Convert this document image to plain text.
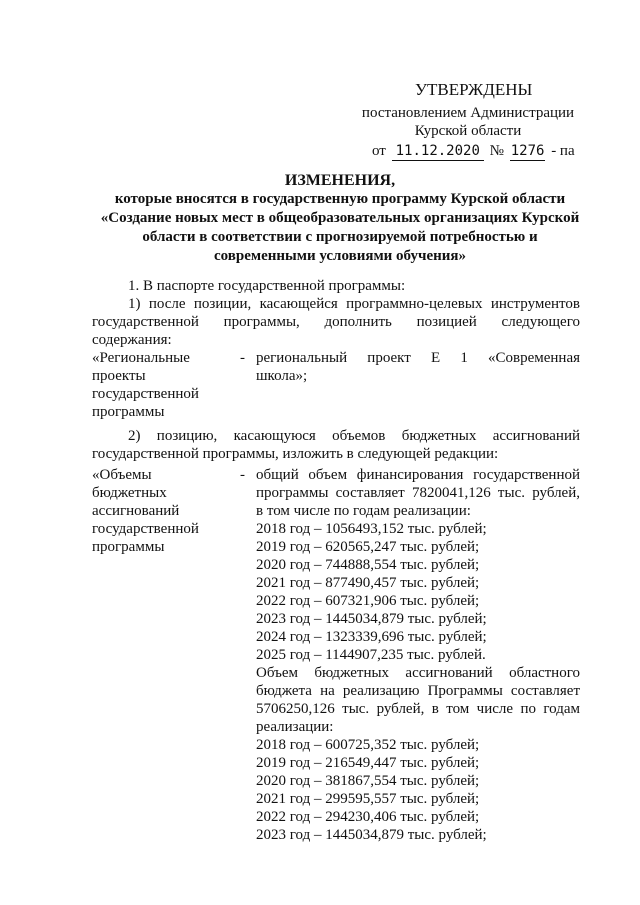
УТВЕРЖДЕНЫ
постановлением Администрации
Курской области
от 11.12.2020 № 1276 - па
ИЗМЕНЕНИЯ,
которые вносятся в государственную программу Курской области
«Создание новых мест в общеобразовательных организациях Курской
области в соответствии с прогнозируемой потребностью и
современными условиями обучения»
1. В паспорте государственной программы:
1) после позиции, касающейся программно-целевых инструментов
государственной программы, дополнить позицией следующего
содержания:
«Региональные
проекты
государственной
программы
- региональный проект Е 1 «Современная
школа»;
2) позицию, касающуюся объемов бюджетных ассигнований
государственной программы, изложить в следующей редакции:
«Объемы
бюджетных
ассигнований
государственной
программы
- общий объем финансирования государственной
программы составляет 7820041,126 тыс. рублей,
в том числе по годам реализации:
2018 год – 1056493,152 тыс. рублей;
2019 год – 620565,247 тыс. рублей;
2020 год – 744888,554 тыс. рублей;
2021 год – 877490,457 тыс. рублей;
2022 год – 607321,906 тыс. рублей;
2023 год – 1445034,879 тыс. рублей;
2024 год – 1323339,696 тыс. рублей;
2025 год – 1144907,235 тыс. рублей.
Объем бюджетных ассигнований областного
бюджета на реализацию Программы составляет
5706250,126 тыс. рублей, в том числе по годам
реализации:
2018 год – 600725,352 тыс. рублей;
2019 год – 216549,447 тыс. рублей;
2020 год – 381867,554 тыс. рублей;
2021 год – 299595,557 тыс. рублей;
2022 год – 294230,406 тыс. рублей;
2023 год – 1445034,879 тыс. рублей;
